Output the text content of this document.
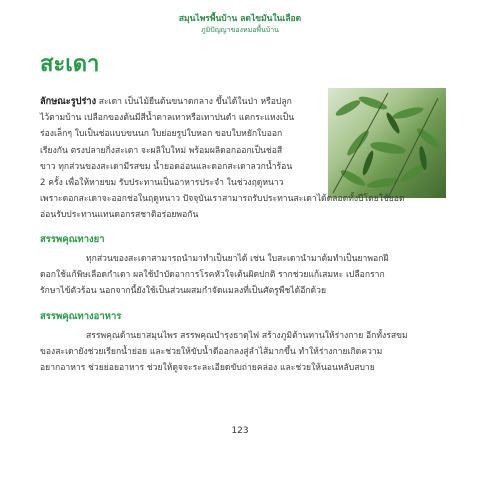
สมุนไพรพื้นบ้าน ลดไขมันในเลือด
ภูมิปัญญาของหมอพื้นบ้าน
สะเดา

ลักษณะรูปร่าง สะเดา เป็นไม้ยืนต้นขนาดกลาง ขึ้นได้ในป่า หรือปลูก
ไว้ตามบ้าน เปลือกของต้นมีสีน้ำตาลเทาหรือเทาปนดำ แตกระแหงเป็น
ร่องเล็กๆ ใบเป็นช่อแบบขนนก ใบย่อยรูปใบหอก ขอบใบหยักใบออก
เรียงกัน ตรงปลายกิ่งสะเดา จะผลิใบใหม่ พร้อมผลิดอกออกเป็นช่อสี
ขาว ทุกส่วนของสะเดามีรสขม น้ำยอดอ่อนและดอกสะเดาลวกน้ำร้อน
2 ครั้ง เพื่อให้หายขม รับประทานเป็นอาหารประจำ ในช่วงฤดูหนาว

เพราะดอกสะเดาจะออกช่อในฤดูหนาว ปัจจุบันเราสามารถรับประทานสะเดาได้ตลอดทั้งปีโดยใช้ยอด
อ่อนรับประทานแทนดอกรสชาติอร่อยพอกัน

สรรพคุณทางยา

ทุกส่วนของสะเดาสามารถนำมาทำเป็นยาได้ เช่น ใบสะเดานำมาต้มทำเป็นยาพอกฝี
ดอกใช้แก้พิษเลือดกำเดา ผลใช้บำบัดอาการโรคหัวใจเต้นผิดปกติ รากช่วยแก้เสมหะ เปลือกราก
รักษาไข้ตัวร้อน นอกจากนี้ยังใช้เป็นส่วนผสมกำจัดแมลงที่เป็นศัตรูพืชได้อีกด้วย

สรรพคุณทางอาหาร

สรรพคุณด้านยาสมุนไพร สรรพคุณบำรุงธาตุไฟ สร้างภูมิต้านทานให้ร่างกาย อีกทั้งรสขม
ของสะเดายังช่วยเรียกน้ำย่อย และช่วยให้ขับน้ำดีออกลงสู่ลำไส้มากขึ้น ทำให้ร่างกายเกิดความ
อยากอาหาร ช่วยย่อยอาหาร ช่วยให้ดูจจะระละเอียดขับถ่ายคล่อง และช่วยให้นอนหลับสบาย

123
